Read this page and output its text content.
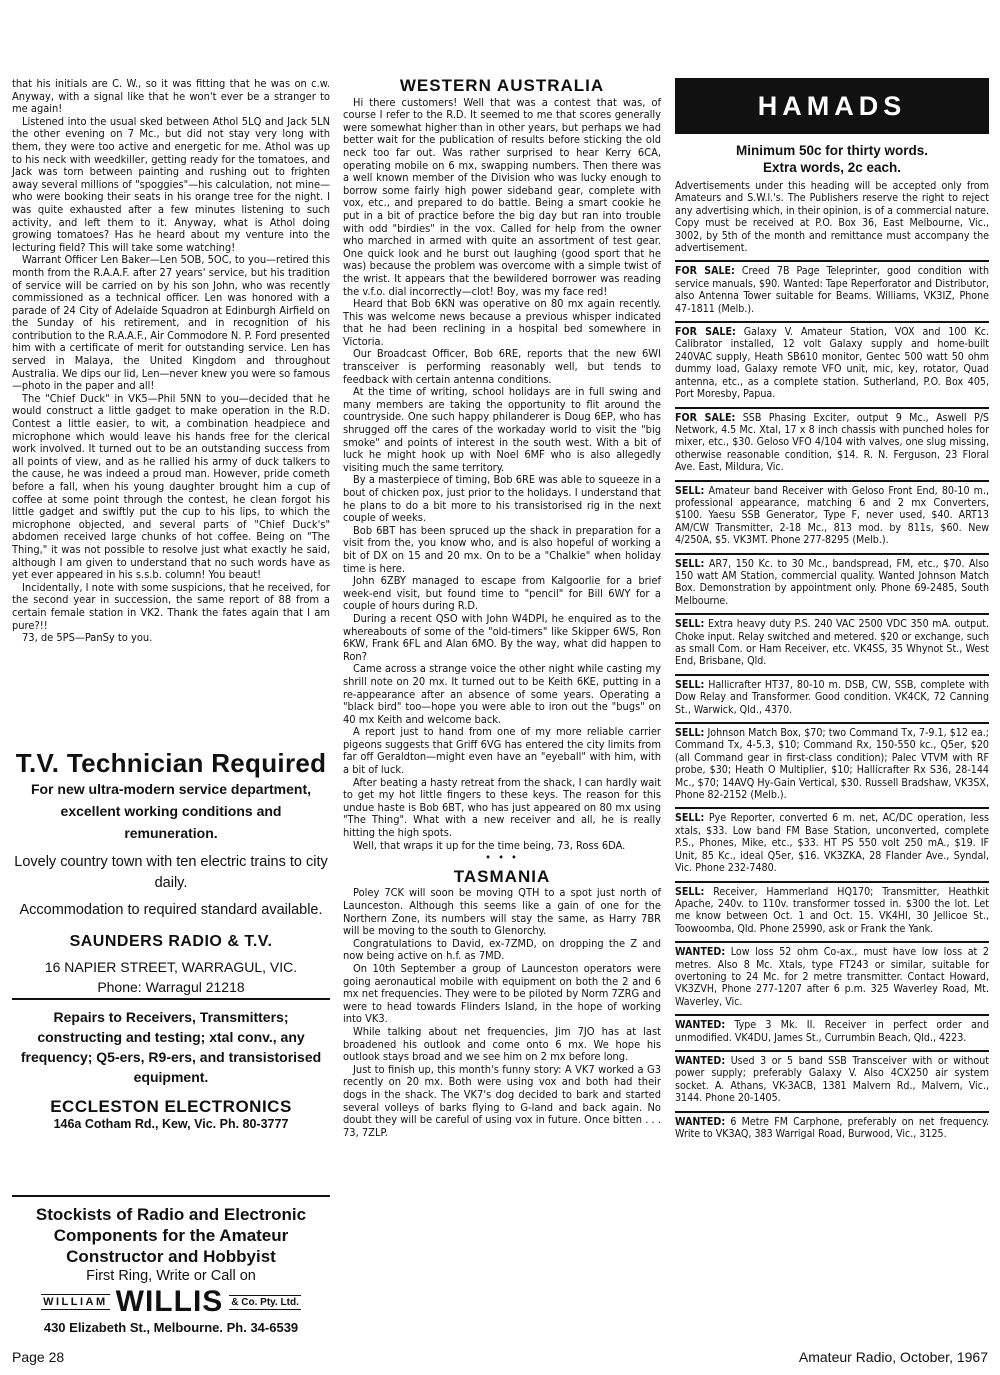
that his initials are C. W., so it was fitting that he was on c.w. Anyway, with a signal like that he won't ever be a stranger to me again!

Listened into the usual sked between Athol 5LQ and Jack 5LN the other evening on 7 Mc., but did not stay very long with them, they were too active and energetic for me. Athol was up to his neck with weedkiller, getting ready for the tomatoes, and Jack was torn between painting and rushing out to frighten away several millions of "spoggies"—his calculation, not mine—who were booking their seats in his orange tree for the night. I was quite exhausted after a few minutes listening to such activity, and left them to it. Anyway, what is Athol doing growing tomatoes? Has he heard about my venture into the lecturing field? This will take some watching!

Warrant Officer Len Baker—Len 5OB, 5OC, to you—retired this month from the R.A.A.F. after 27 years' service, but his tradition of service will be carried on by his son John, who was recently commissioned as a technical officer. Len was honored with a parade of 24 City of Adelaide Squadron at Edinburgh Airfield on the Sunday of his retirement, and in recognition of his contribution to the R.A.A.F., Air Commodore N. P. Ford presented him with a certificate of merit for outstanding service. Len has served in Malaya, the United Kingdom and throughout Australia. We dips our lid, Len—never knew you were so famous—photo in the paper and all!

The "Chief Duck" in VK5—Phil 5NN to you—decided that he would construct a little gadget to make operation in the R.D. Contest a little easier, to wit, a combination headpiece and microphone which would leave his hands free for the clerical work involved. It turned out to be an outstanding success from all points of view, and as he rallied his army of duck talkers to the cause, he was indeed a proud man. However, pride cometh before a fall, when his young daughter brought him a cup of coffee at some point through the contest, he clean forgot his little gadget and swiftly put the cup to his lips, to which the microphone objected, and several parts of "Chief Duck's" abdomen received large chunks of hot coffee. Being on "The Thing," it was not possible to resolve just what exactly he said, although I am given to understand that no such words have as yet ever appeared in his s.s.b. column! You beaut!

Incidentally, I note with some suspicions, that he received, for the second year in succession, the same report of 88 from a certain female station in VK2. Thank the fates again that I am pure?!!

73, de 5PS—PanSy to you.

T.V. Technician Required
For new ultra-modern service department, excellent working conditions and remuneration.
Lovely country town with ten electric trains to city daily.
Accommodation to required standard available.
SAUNDERS RADIO & T.V.
16 NAPIER STREET, WARRAGUL, VIC.
Phone: Warragul 21218
Repairs to Receivers, Transmitters; constructing and testing; xtal conv., any frequency; Q5-ers, R9-ers, and transistorised equipment.
ECCLESTON ELECTRONICS
146a Cotham Rd., Kew, Vic. Ph. 80-3777
Stockists of Radio and Electronic Components for the Amateur Constructor and Hobbyist
First Ring, Write or Call on
WILLIAM WILLIS & Co. Pty. Ltd.
430 Elizabeth St., Melbourne. Ph. 34-6539
WESTERN AUSTRALIA

Hi there customers! Well that was a contest that was, of course I refer to the R.D. It seemed to me that scores generally were somewhat higher than in other years, but perhaps we had better wait for the publication of results before sticking the old neck too far out. Was rather surprised to hear Kerry 6CA, operating mobile on 6 mx, swapping numbers. Then there was a well known member of the Division who was lucky enough to borrow some fairly high power sideband gear, complete with vox, etc., and prepared to do battle. Being a smart cookie he put in a bit of practice before the big day but ran into trouble with odd "birdies" in the vox. Called for help from the owner who marched in armed with quite an assortment of test gear. One quick look and he burst out laughing (good sport that he was) because the problem was overcome with a simple twist of the wrist. It appears that the bewildered borrower was reading the v.f.o. dial incorrectly—clot! Boy, was my face red!

Heard that Bob 6KN was operative on 80 mx again recently. This was welcome news because a previous whisper indicated that he had been reclining in a hospital bed somewhere in Victoria.

Our Broadcast Officer, Bob 6RE, reports that the new 6WI transceiver is performing reasonably well, but tends to feedback with certain antenna conditions.

At the time of writing, school holidays are in full swing and many members are taking the opportunity to flit around the countryside. One such happy philanderer is Doug 6EP, who has shrugged off the cares of the workaday world to visit the "big smoke" and points of interest in the south west. With a bit of luck he might hook up with Noel 6MF who is also allegedly visiting much the same territory.

By a masterpiece of timing, Bob 6RE was able to squeeze in a bout of chicken pox, just prior to the holidays. I understand that he plans to do a bit more to his transistorised rig in the next couple of weeks.

Bob 6BT has been spruced up the shack in preparation for a visit from the, you know who, and is also hopeful of working a bit of DX on 15 and 20 mx. On to be a "Chalkie" when holiday time is here.

John 6ZBY managed to escape from Kalgoorlie for a brief week-end visit, but found time to "pencil" for Bill 6WY for a couple of hours during R.D.

During a recent QSO with John W4DPI, he enquired as to the whereabouts of some of the "old-timers" like Skipper 6WS, Ron 6KW, Frank 6FL and Alan 6MO. By the way, what did happen to Ron?

Came across a strange voice the other night while casting my shrill note on 20 mx. It turned out to be Keith 6KE, putting in a re-appearance after an absence of some years. Operating a "black bird" too—hope you were able to iron out the "bugs" on 40 mx Keith and welcome back.

A report just to hand from one of my more reliable carrier pigeons suggests that Griff 6VG has entered the city limits from far off Geraldton—might even have an "eyeball" with him, with a bit of luck.

After beating a hasty retreat from the shack, I can hardly wait to get my hot little fingers to these keys. The reason for this undue haste is Bob 6BT, who has just appeared on 80 mx using "The Thing". What with a new receiver and all, he is really hitting the high spots.

Well, that wraps it up for the time being, 73, Ross 6DA.

• • •
TASMANIA

Poley 7CK will soon be moving QTH to a spot just north of Launceston. Although this seems like a gain of one for the Northern Zone, its numbers will stay the same, as Harry 7BR will be moving to the south to Glenorchy.

Congratulations to David, ex-7ZMD, on dropping the Z and now being active on h.f. as 7MD.

On 10th September a group of Launceston operators were going aeronautical mobile with equipment on both the 2 and 6 mx net frequencies. They were to be piloted by Norm 7ZRG and were to head towards Flinders Island, in the hope of working into VK3.

While talking about net frequencies, Jim 7JO has at last broadened his outlook and come onto 6 mx. We hope his outlook stays broad and we see him on 2 mx before long.

Just to finish up, this month's funny story: A VK7 worked a G3 recently on 20 mx. Both were using vox and both had their dogs in the shack. The VK7's dog decided to bark and started several volleys of barks flying to G-land and back again. No doubt they will be careful of using vox in future. Once bitten . . . 73, 7ZLP.

HAMADS
Minimum 50c for thirty words.
Extra words, 2c each.
Advertisements under this heading will be accepted only from Amateurs and S.W.l.'s. The Publishers reserve the right to reject any advertising which, in their opinion, is of a commercial nature. Copy must be received at P.O. Box 36, East Melbourne, Vic., 3002, by 5th of the month and remittance must accompany the advertisement.
FOR SALE: Creed 7B Page Teleprinter, good condition with service manuals, $90. Wanted: Tape Reperforator and Distributor, also Antenna Tower suitable for Beams. Williams, VK3IZ, Phone 47-1811 (Melb.).
FOR SALE: Galaxy V. Amateur Station, VOX and 100 Kc. Calibrator installed, 12 volt Galaxy supply and home-built 240VAC supply, Heath SB610 monitor, Gentec 500 watt 50 ohm dummy load, Galaxy remote VFO unit, mic, key, rotator, Quad antenna, etc., as a complete station. Sutherland, P.O. Box 405, Port Moresby, Papua.
FOR SALE: SSB Phasing Exciter, output 9 Mc., Aswell P/S Network, 4.5 Mc. Xtal, 17 x 8 inch chassis with punched holes for mixer, etc., $30. Geloso VFO 4/104 with valves, one slug missing, otherwise reasonable condition, $14. R. N. Ferguson, 23 Floral Ave. East, Mildura, Vic.
SELL: Amateur band Receiver with Geloso Front End, 80-10 m., professional appearance, matching 6 and 2 mx Converters, $100. Yaesu SSB Generator, Type F, never used, $40. ART13 AM/CW Transmitter, 2-18 Mc., 813 mod. by 811s, $60. New 4/250A, $5. VK3MT. Phone 277-8295 (Melb.).
SELL: AR7, 150 Kc. to 30 Mc., bandspread, FM, etc., $70. Also 150 watt AM Station, commercial quality. Wanted Johnson Match Box. Demonstration by appointment only. Phone 69-2485, South Melbourne.
SELL: Extra heavy duty P.S. 240 VAC 2500 VDC 350 mA. output. Choke input. Relay switched and metered. $20 or exchange, such as small Com. or Ham Receiver, etc. VK4SS, 35 Whynot St., West End, Brisbane, Qld.
SELL: Hallicrafter HT37, 80-10 m. DSB, CW, SSB, complete with Dow Relay and Transformer. Good condition. VK4CK, 72 Canning St., Warwick, Qld., 4370.
SELL: Johnson Match Box, $70; two Command Tx, 7-9.1, $12 ea.; Command Tx, 4-5.3, $10; Command Rx, 150-550 kc., Q5er, $20 (all Command gear in first-class condition); Palec VTVM with RF probe, $30; Heath O Multiplier, $10; Hallicrafter Rx S36, 28-144 Mc., $70; 14AVQ Hy-Gain Vertical, $30. Russell Bradshaw, VK3SX, Phone 82-2152 (Melb.).
SELL: Pye Reporter, converted 6 m. net, AC/DC operation, less xtals, $33. Low band FM Base Station, unconverted, complete P.S., Phones, Mike, etc., $33. HT PS 550 volt 250 mA., $19. IF Unit, 85 Kc., ideal Q5er, $16. VK3ZKA, 28 Flander Ave., Syndal, Vic. Phone 232-7480.
SELL: Receiver, Hammerland HQ170; Transmitter, Heathkit Apache, 240v. to 110v. transformer tossed in. $300 the lot. Let me know between Oct. 1 and Oct. 15. VK4HI, 30 Jellicoe St., Toowoomba, Qld. Phone 25990, ask or Frank the Yank.
WANTED: Low loss 52 ohm Co-ax., must have low loss at 2 metres. Also 8 Mc. Xtals, type FT243 or similar, suitable for overtoning to 24 Mc. for 2 metre transmitter. Contact Howard, VK3ZVH, Phone 277-1207 after 6 p.m. 325 Waverley Road, Mt. Waverley, Vic.
WANTED: Type 3 Mk. II. Receiver in perfect order and unmodified. VK4DU, James St., Currumbin Beach, Qld., 4223.
WANTED: Used 3 or 5 band SSB Transceiver with or without power supply; preferably Galaxy V. Also 4CX250 air system socket. A. Athans, VK-3ACB, 1381 Malvern Rd., Malvern, Vic., 3144. Phone 20-1405.
WANTED: 6 Metre FM Carphone, preferably on net frequency. Write to VK3AQ, 383 Warrigal Road, Burwood, Vic., 3125.
Page 28	Amateur Radio, October, 1967
